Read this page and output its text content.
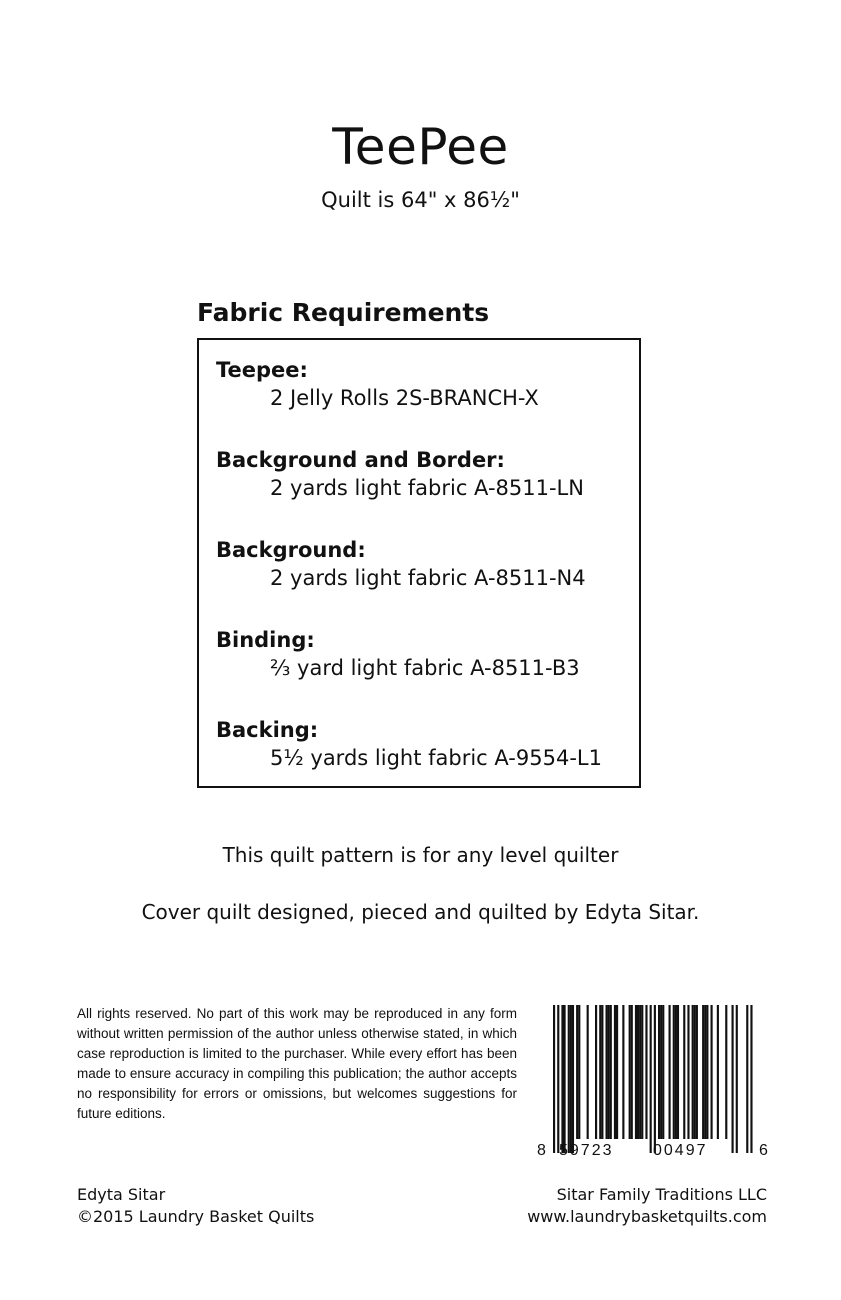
TeePee
Quilt is 64" x 86½"
Fabric Requirements
Teepee:
2 Jelly Rolls 2S-BRANCH-X
Background and Border:
2 yards light fabric A-8511-LN
Background:
2 yards light fabric A-8511-N4
Binding:
⅔ yard light fabric A-8511-B3
Backing:
5½ yards light fabric A-9554-L1
This quilt pattern is for any level quilter
Cover quilt designed, pieced and quilted by Edyta Sitar.
All rights reserved. No part of this work may be reproduced in any form without written permission of the author unless otherwise stated, in which case reproduction is limited to the purchaser. While every effort has been made to ensure accuracy in compiling this publication; the author accepts no responsibility for errors or omissions, but welcomes suggestions for future editions.
8 59723 00497	6
Edyta Sitar
©2015 Laundry Basket Quilts
Sitar Family Traditions LLC
www.laundrybasketquilts.com
